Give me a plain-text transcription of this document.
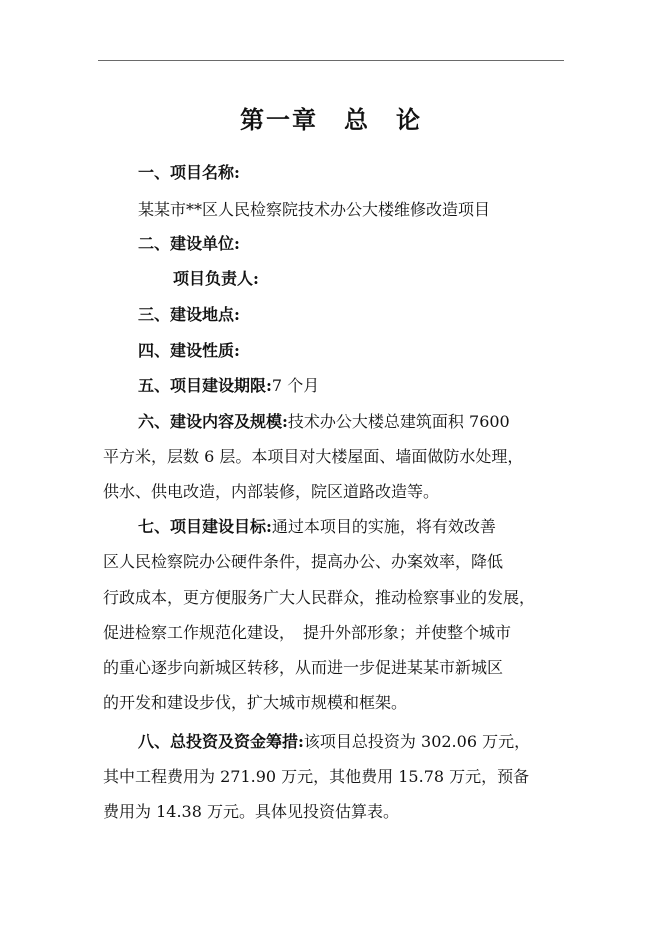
第一章 总 论
一、项目名称:
某某市**区人民检察院技术办公大楼维修改造项目
二、建设单位:
项目负责人:
三、建设地点:
四、建设性质:
五、项目建设期限:7 个月
六、建设内容及规模:技术办公大楼总建筑面积 7600
平方米，层数 6 层。本项目对大楼屋面、墙面做防水处理，
供水、供电改造，内部装修，院区道路改造等。
七、项目建设目标:通过本项目的实施，将有效改善
区人民检察院办公硬件条件，提高办公、办案效率，降低
行政成本，更方便服务广大人民群众，推动检察事业的发展，
促进检察工作规范化建设，　提升外部形象；并使整个城市
的重心逐步向新城区转移，从而进一步促进某某市新城区
的开发和建设步伐，扩大城市规模和框架。
八、总投资及资金筹措:该项目总投资为 302.06 万元，
其中工程费用为 271.90 万元，其他费用 15.78 万元，预备
费用为 14.38 万元。具体见投资估算表。
